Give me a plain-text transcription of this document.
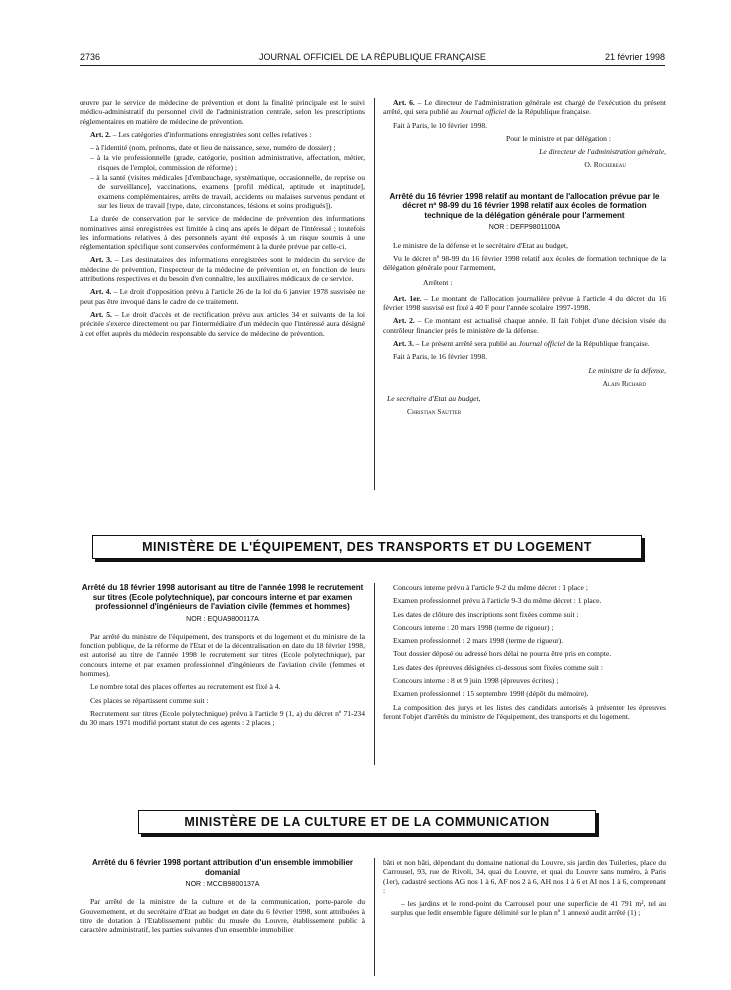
2736	JOURNAL OFFICIEL DE LA RÉPUBLIQUE FRANÇAISE	21 février 1998

œuvre par le service de médecine de prévention et dont la finalité principale est le suivi médico-administratif du personnel civil de l'administration centrale, selon les prescriptions réglementaires en matière de médecine de prévention.

Art. 2. – Les catégories d'informations enregistrées sont celles relatives :

– à l'identité (nom, prénoms, date et lieu de naissance, sexe, numéro de dossier) ;
– à la vie professionnelle (grade, catégorie, position administrative, affectation, métier, risques de l'emploi, commission de réforme) ;
– à la santé (visites médicales [d'embauchage, systématique, occasionnelle, de reprise ou de surveillance], vaccinations, examens [profil médical, aptitude et inaptitude], examens complémentaires, arrêts de travail, accidents ou malaises survenus pendant et sur les lieux de travail [type, date, circonstances, lésions et soins prodigués]).

La durée de conservation par le service de médecine de prévention des informations nominatives ainsi enregistrées est limitée à cinq ans après le départ de l'intéressé ; toutefois les informations relatives à des personnels ayant été exposés à un risque soumis à une réglementation spécifique sont conservées conformément à la durée prévue par celle-ci.

Art. 3. – Les destinataires des informations enregistrées sont le médecin du service de médecine de prévention, l'inspecteur de la médecine de prévention et, en fonction de leurs attributions respectives et du besoin d'en connaître, les auxiliaires médicaux de ce service.

Art. 4. – Le droit d'opposition prévu à l'article 26 de la loi du 6 janvier 1978 susvisée ne peut pas être invoqué dans le cadre de ce traitement.

Art. 5. – Le droit d'accès et de rectification prévu aux articles 34 et suivants de la loi précitée s'exerce directement ou par l'intermédiaire d'un médecin que l'intéressé aura désigné à cet effet auprès du médecin responsable du service de médecine de prévention.

Art. 6. – Le directeur de l'administration générale est chargé de l'exécution du présent arrêté, qui sera publié au Journal officiel de la République française.

Fait à Paris, le 10 février 1998.

Pour le ministre et par délégation :

Le directeur de l'administration générale,

O. Rochereau

Arrêté du 16 février 1998 relatif au montant de l'allocation prévue par le décret nº 98-99 du 16 février 1998 relatif aux écoles de formation technique de la délégation générale pour l'armement
NOR : DEFP9801100A

Le ministre de la défense et le secrétaire d'Etat au budget,

Vu le décret nº 98-99 du 16 février 1998 relatif aux écoles de formation technique de la délégation générale pour l'armement,

Arrêtent :

Art. 1er. – Le montant de l'allocation journalière prévue à l'article 4 du décret du 16 février 1998 susvisé est fixé à 40 F pour l'année scolaire 1997-1998.

Art. 2. – Ce montant est actualisé chaque année. Il fait l'objet d'une décision visée du contrôleur financier près le ministère de la défense.

Art. 3. – Le présent arrêté sera publié au Journal officiel de la République française.

Fait à Paris, le 16 février 1998.

Le ministre de la défense,

Alain Richard

Le secrétaire d'Etat au budget,

Christian Sautter

MINISTÈRE DE L'ÉQUIPEMENT, DES TRANSPORTS ET DU LOGEMENT
Arrêté du 18 février 1998 autorisant au titre de l'année 1998 le recrutement sur titres (Ecole polytechnique), par concours interne et par examen professionnel d'ingénieurs de l'aviation civile (femmes et hommes)
NOR : EQUA9800117A

Par arrêté du ministre de l'équipement, des transports et du logement et du ministre de la fonction publique, de la réforme de l'Etat et de la décentralisation en date du 18 février 1998, est autorisé au titre de l'année 1998 le recrutement sur titres (Ecole polytechnique), par concours interne et par examen professionnel d'ingénieurs de l'aviation civile (femmes et hommes).

Le nombre total des places offertes au recrutement est fixé à 4.

Ces places se répartissent comme suit :

Recrutement sur titres (Ecole polytechnique) prévu à l'article 9 (1, a) du décret nº 71-234 du 30 mars 1971 modifié portant statut de ces agents : 2 places ;

Concours interne prévu à l'article 9-2 du même décret : 1 place ;

Examen professionnel prévu à l'article 9-3 du même décret : 1 place.

Les dates de clôture des inscriptions sont fixées comme suit :

Concours interne : 20 mars 1998 (terme de rigueur) ;

Examen professionnel : 2 mars 1998 (terme de rigueur).

Tout dossier déposé ou adressé hors délai ne pourra être pris en compte.

Les dates des épreuves désignées ci-dessous sont fixées comme suit :

Concours interne : 8 et 9 juin 1998 (épreuves écrites) ;

Examen professionnel : 15 septembre 1998 (dépôt du mémoire).

La composition des jurys et les listes des candidats autorisés à présenter les épreuves feront l'objet d'arrêtés du ministre de l'équipement, des transports et du logement.

MINISTÈRE DE LA CULTURE ET DE LA COMMUNICATION
Arrêté du 6 février 1998 portant attribution d'un ensemble immobilier domanial
NOR : MCCB9800137A

Par arrêté de la ministre de la culture et de la communication, porte-parole du Gouvernement, et du secrétaire d'Etat au budget en date du 6 février 1998, sont attribuées à titre de dotation à l'Etablissement public du musée du Louvre, établissement public à caractère administratif, les parties suivantes d'un ensemble immobilier

bâti et non bâti, dépendant du domaine national du Louvre, sis jardin des Tuileries, place du Carrousel, 93, rue de Rivoli, 34, quai du Louvre, et quai du Louvre sans numéro, à Paris (1er), cadastré sections AG nos 1 à 6, AF nos 2 à 6, AH nos 1 à 6 et AI nos 1 à 6, comprenant :

– les jardins et le rond-point du Carrousel pour une superficie de 41 791 m², tel au surplus que ledit ensemble figure délimité sur le plan nº 1 annexé audit arrêté (1) ;
